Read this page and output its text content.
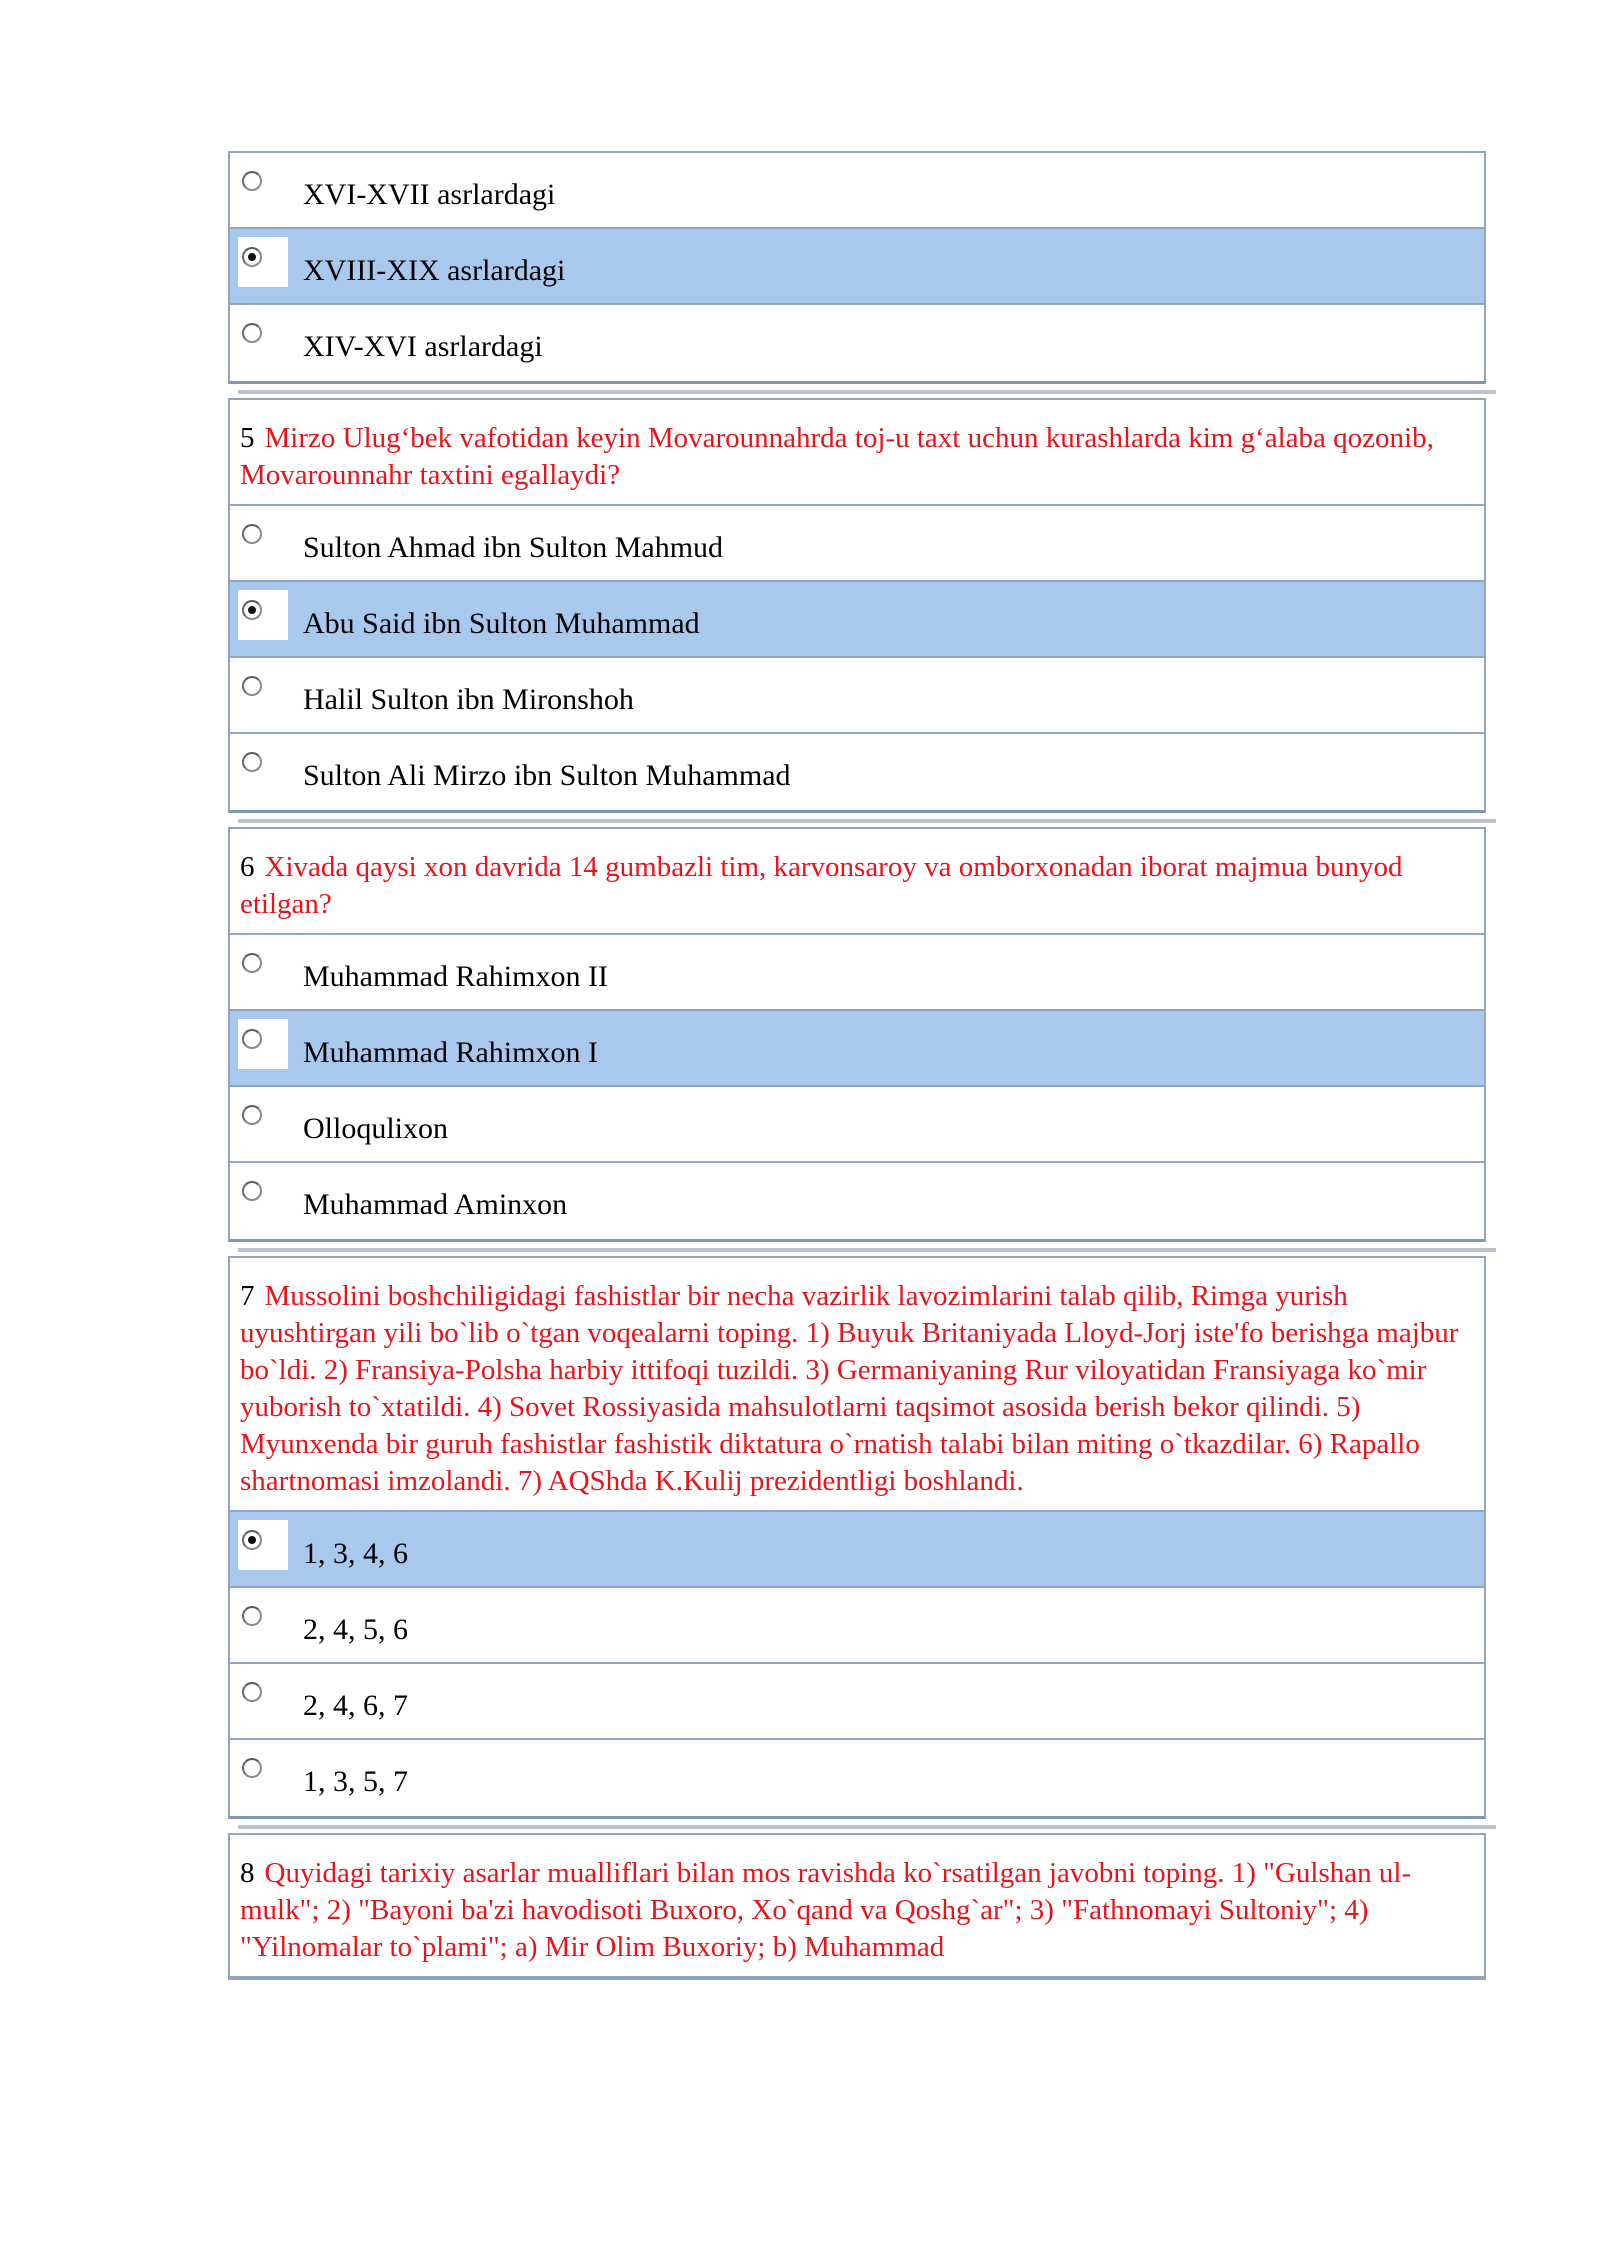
XVI-XVII asrlardagi
XVIII-XIX asrlardagi
XIV-XVI asrlardagi
5 Mirzo Ulug‘bek vafotidan keyin Movarounnahrda toj-u taxt uchun kurashlarda kim g‘alaba qozonib, Movarounnahr taxtini egallaydi?
Sulton Ahmad ibn Sulton Mahmud
Abu Said ibn Sulton Muhammad
Halil Sulton ibn Mironshoh
Sulton Ali Mirzo ibn Sulton Muhammad
6 Xivada qaysi xon davrida 14 gumbazli tim, karvonsaroy va omborxonadan iborat majmua bunyod etilgan?
Muhammad Rahimxon II
Muhammad Rahimxon I
Olloqulixon
Muhammad Aminxon
7 Mussolini boshchiligidagi fashistlar bir necha vazirlik lavozimlarini talab qilib, Rimga yurish uyushtirgan yili bo`lib o`tgan voqealarni toping. 1) Buyuk Britaniyada Lloyd-Jorj iste'fo berishga majbur bo`ldi. 2) Fransiya-Polsha harbiy ittifoqi tuzildi. 3) Germaniyaning Rur viloyatidan Fransiyaga ko`mir yuborish to`xtatildi. 4) Sovet Rossiyasida mahsulotlarni taqsimot asosida berish bekor qilindi. 5) Myunxenda bir guruh fashistlar fashistik diktatura o`rnatish talabi bilan miting o`tkazdilar. 6) Rapallo shartnomasi imzolandi. 7) AQShda K.Kulij prezidentligi boshlandi.
1, 3, 4, 6
2, 4, 5, 6
2, 4, 6, 7
1, 3, 5, 7
8 Quyidagi tarixiy asarlar mualliflari bilan mos ravishda ko`rsatilgan javobni toping. 1) "Gulshan ul-mulk"; 2) "Bayoni ba'zi havodisoti Buxoro, Xo`qand va Qoshg`ar"; 3) "Fathnomayi Sultoniy"; 4) "Yilnomalar to`plami"; a) Mir Olim Buxoriy; b) Muhammad
